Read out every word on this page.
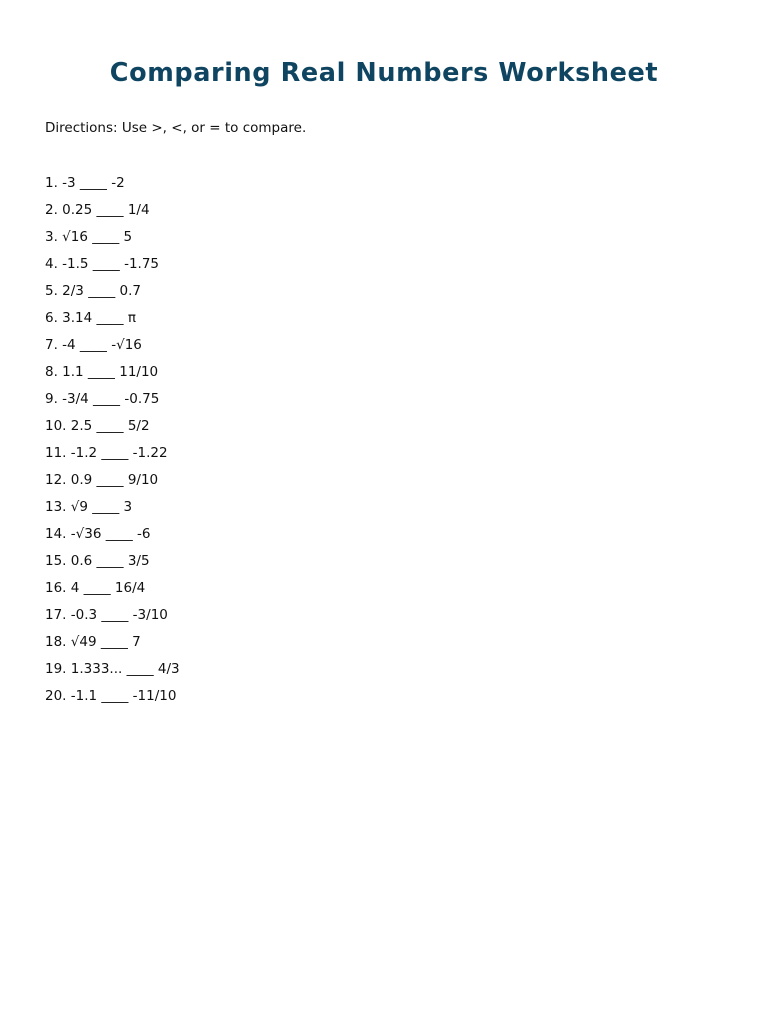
Comparing Real Numbers Worksheet

Directions: Use >, <, or = to compare.

1. -3 ____ -2
2. 0.25 ____ 1/4
3. √16 ____ 5
4. -1.5 ____ -1.75
5. 2/3 ____ 0.7
6. 3.14 ____ π
7. -4 ____ -√16
8. 1.1 ____ 11/10
9. -3/4 ____ -0.75
10. 2.5 ____ 5/2
11. -1.2 ____ -1.22
12. 0.9 ____ 9/10
13. √9 ____ 3
14. -√36 ____ -6
15. 0.6 ____ 3/5
16. 4 ____ 16/4
17. -0.3 ____ -3/10
18. √49 ____ 7
19. 1.333... ____ 4/3
20. -1.1 ____ -11/10
